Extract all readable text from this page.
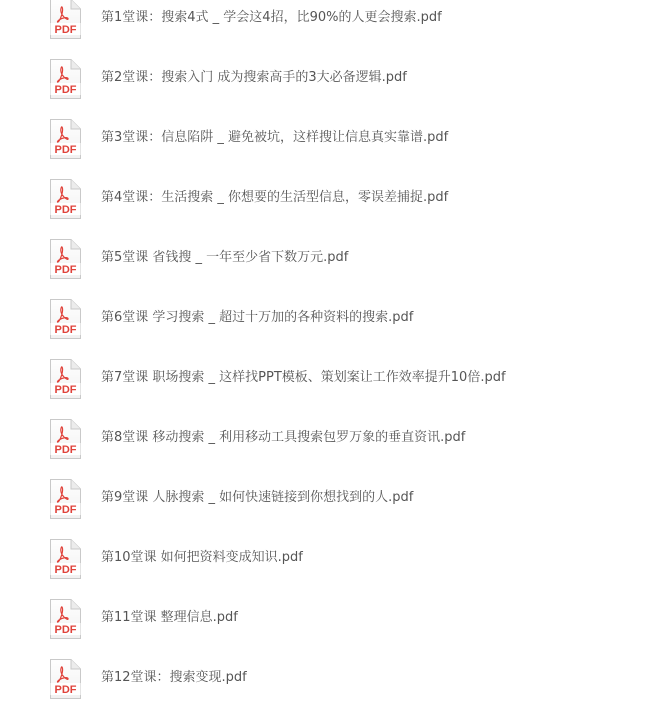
PDF
第1堂课：搜索4式 _ 学会这4招，比90%的人更会搜索.pdf
PDF
第2堂课：搜索入门 成为搜索高手的3大必备逻辑.pdf
PDF
第3堂课：信息陷阱 _ 避免被坑，这样搜让信息真实靠谱.pdf
PDF
第4堂课：生活搜索 _ 你想要的生活型信息，零误差捕捉.pdf
PDF
第5堂课 省钱搜 _ 一年至少省下数万元.pdf
PDF
第6堂课 学习搜索 _ 超过十万加的各种资料的搜索.pdf
PDF
第7堂课 职场搜索 _ 这样找PPT模板、策划案让工作效率提升10倍.pdf
PDF
第8堂课 移动搜索 _ 利用移动工具搜索包罗万象的垂直资讯.pdf
PDF
第9堂课 人脉搜索 _ 如何快速链接到你想找到的人.pdf
PDF
第10堂课 如何把资料变成知识.pdf
PDF
第11堂课 整理信息.pdf
PDF
第12堂课：搜索变现.pdf
